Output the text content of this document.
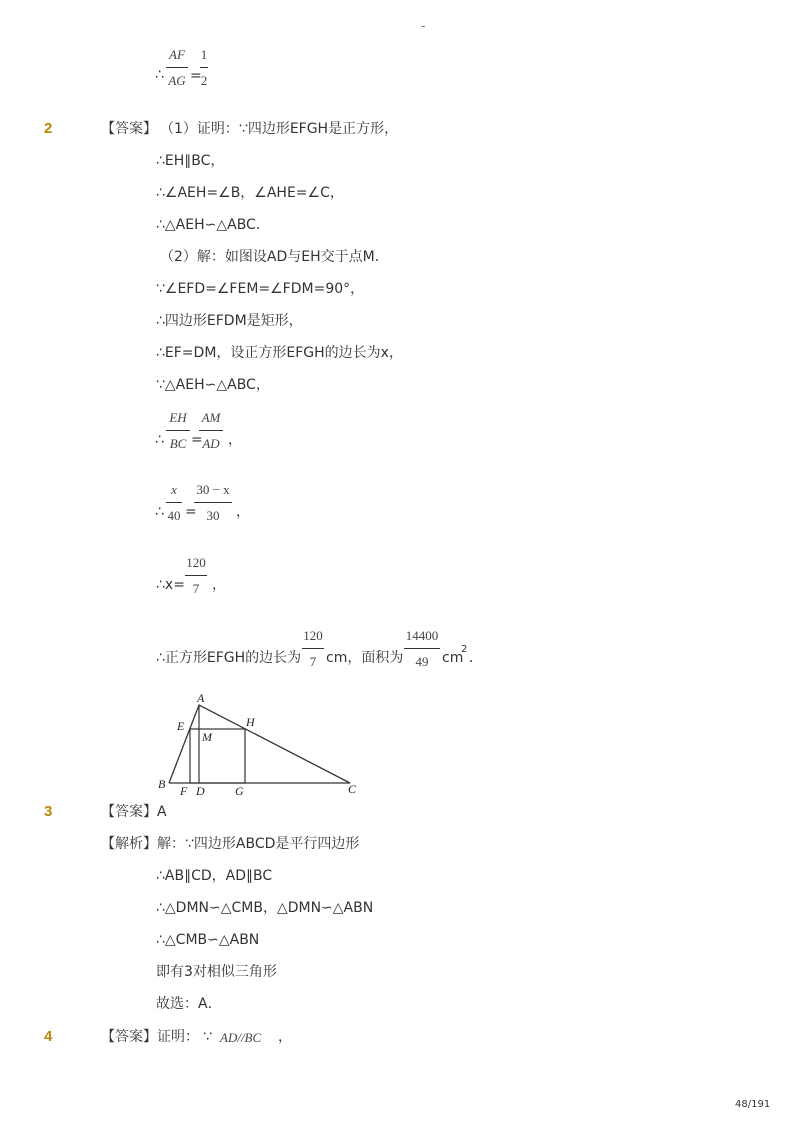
-
∴
AF
AG =
1
2
2	【答案】 （1）证明：∵四边形EFGH是正方形，
∴EH∥BC，
∴∠AEH=∠B，∠AHE=∠C，
∴△AEH∽△ABC．
（2）解：如图设AD与EH交于点M．
∵∠EFD=∠FEM=∠FDM=90°，
∴四边形EFDM是矩形，
∴EF=DM，设正方形EFGH的边长为x，
∵△AEH∽△ABC，
∴
EH
BC =
AM
AD ，
∴
x
40 =
30 − x
30 ，
∴x=
120
7 ，
∴正方形EFGH的边长为
120
7 cm，面积为
14400
49 cm
2
．
A
E	H
M
B F D	G	C
3	【答案】 A
【解析】 解：∵四边形ABCD是平行四边形
∴AB∥CD，AD∥BC
∴△DMN∽△CMB，△DMN∽△ABN
∴△CMB∽△ABN
即有3对相似三角形
故选：A．
4	【答案】 证明： ∵ AD//BC ，
48/191
